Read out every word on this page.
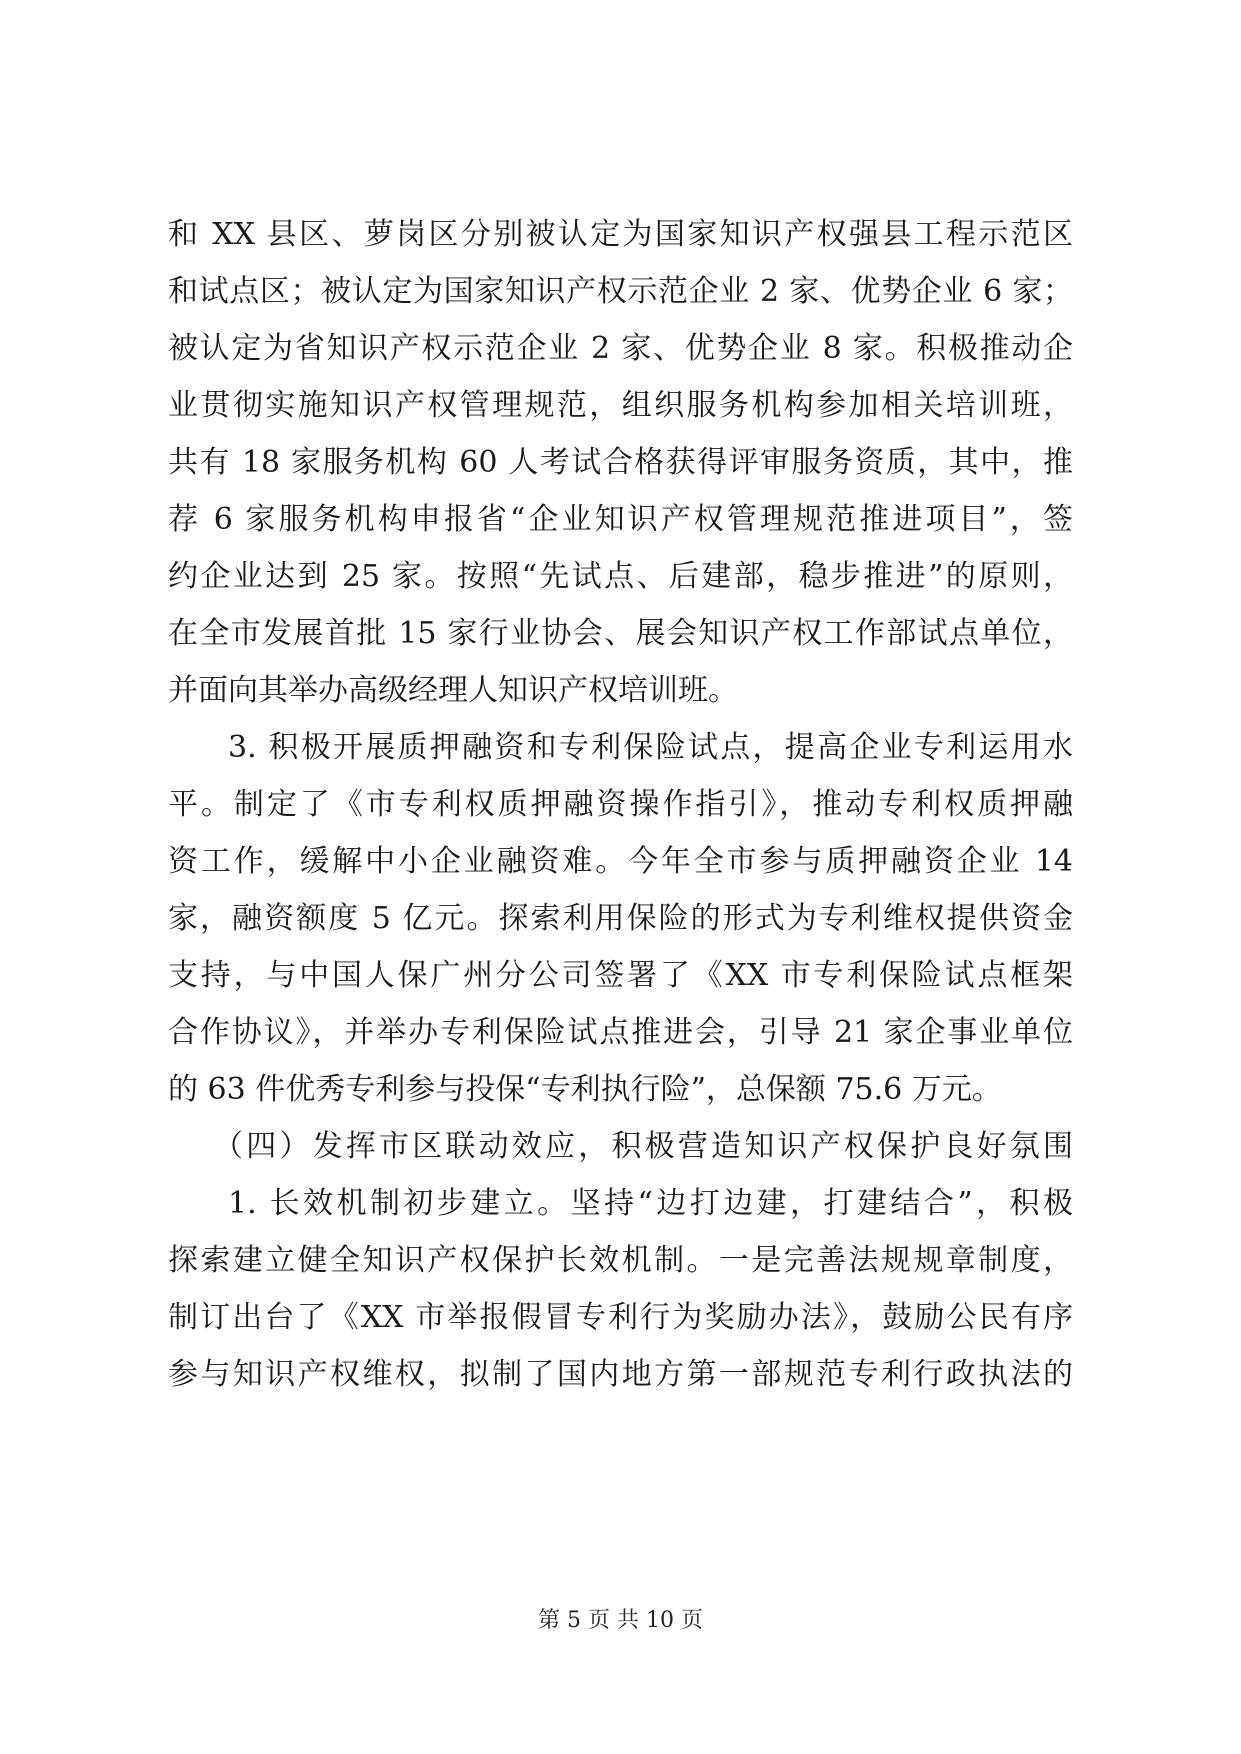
和 XX 县区、萝岗区分别被认定为国家知识产权强县工程示范区
和试点区；被认定为国家知识产权示范企业 2 家、优势企业 6 家；
被认定为省知识产权示范企业 2 家、优势企业 8 家。积极推动企
业贯彻实施知识产权管理规范，组织服务机构参加相关培训班，
共有 18 家服务机构 60 人考试合格获得评审服务资质，其中，推
荐 6 家服务机构申报省“企业知识产权管理规范推进项目”，签
约企业达到 25 家。按照“先试点、后建部，稳步推进”的原则，
在全市发展首批 15 家行业协会、展会知识产权工作部试点单位，
并面向其举办高级经理人知识产权培训班。
3. 积极开展质押融资和专利保险试点，提高企业专利运用水
平。制定了《市专利权质押融资操作指引》，推动专利权质押融
资工作，缓解中小企业融资难。今年全市参与质押融资企业 14
家，融资额度 5 亿元。探索利用保险的形式为专利维权提供资金
支持，与中国人保广州分公司签署了《XX 市专利保险试点框架
合作协议》，并举办专利保险试点推进会，引导 21 家企事业单位
的 63 件优秀专利参与投保“专利执行险”，总保额 75.6 万元。
（四）发挥市区联动效应，积极营造知识产权保护良好氛围
1. 长效机制初步建立。坚持“边打边建，打建结合”，积极
探索建立健全知识产权保护长效机制。一是完善法规规章制度，
制订出台了《XX 市举报假冒专利行为奖励办法》，鼓励公民有序
参与知识产权维权，拟制了国内地方第一部规范专利行政执法的
第 5 页 共 10 页
